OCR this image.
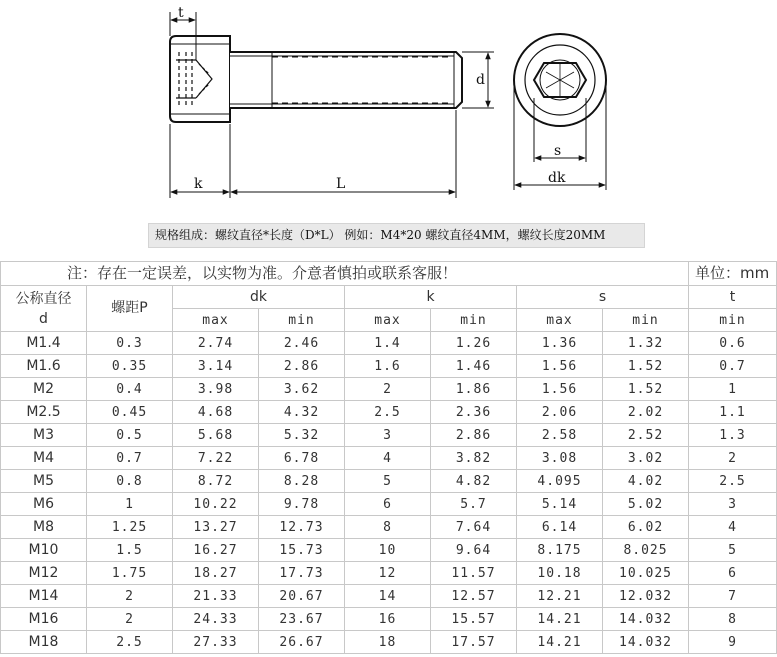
t
d
k	L
s
dk
规格组成：螺纹直径*长度（D*L） 例如：M4*20 螺纹直径4MM，螺纹长度20MM
注：存在一定误差，以实物为准。介意者慎拍或联系客服！								单位：mm
公称直径
d	螺距P	dk		k		s		t
		max	min	max	min	max	min	min
M1.4	0.3	2.74	2.46	1.4	1.26	1.36	1.32	0.6
M1.6	0.35	3.14	2.86	1.6	1.46	1.56	1.52	0.7
M2	0.4	3.98	3.62	2	1.86	1.56	1.52	1
M2.5	0.45	4.68	4.32	2.5	2.36	2.06	2.02	1.1
M3	0.5	5.68	5.32	3	2.86	2.58	2.52	1.3
M4	0.7	7.22	6.78	4	3.82	3.08	3.02	2
M5	0.8	8.72	8.28	5	4.82	4.095	4.02	2.5
M6	1	10.22	9.78	6	5.7	5.14	5.02	3
M8	1.25	13.27	12.73	8	7.64	6.14	6.02	4
M10	1.5	16.27	15.73	10	9.64	8.175	8.025	5
M12	1.75	18.27	17.73	12	11.57	10.18	10.025	6
M14	2	21.33	20.67	14	12.57	12.21	12.032	7
M16	2	24.33	23.67	16	15.57	14.21	14.032	8
M18	2.5	27.33	26.67	18	17.57	14.21	14.032	9
